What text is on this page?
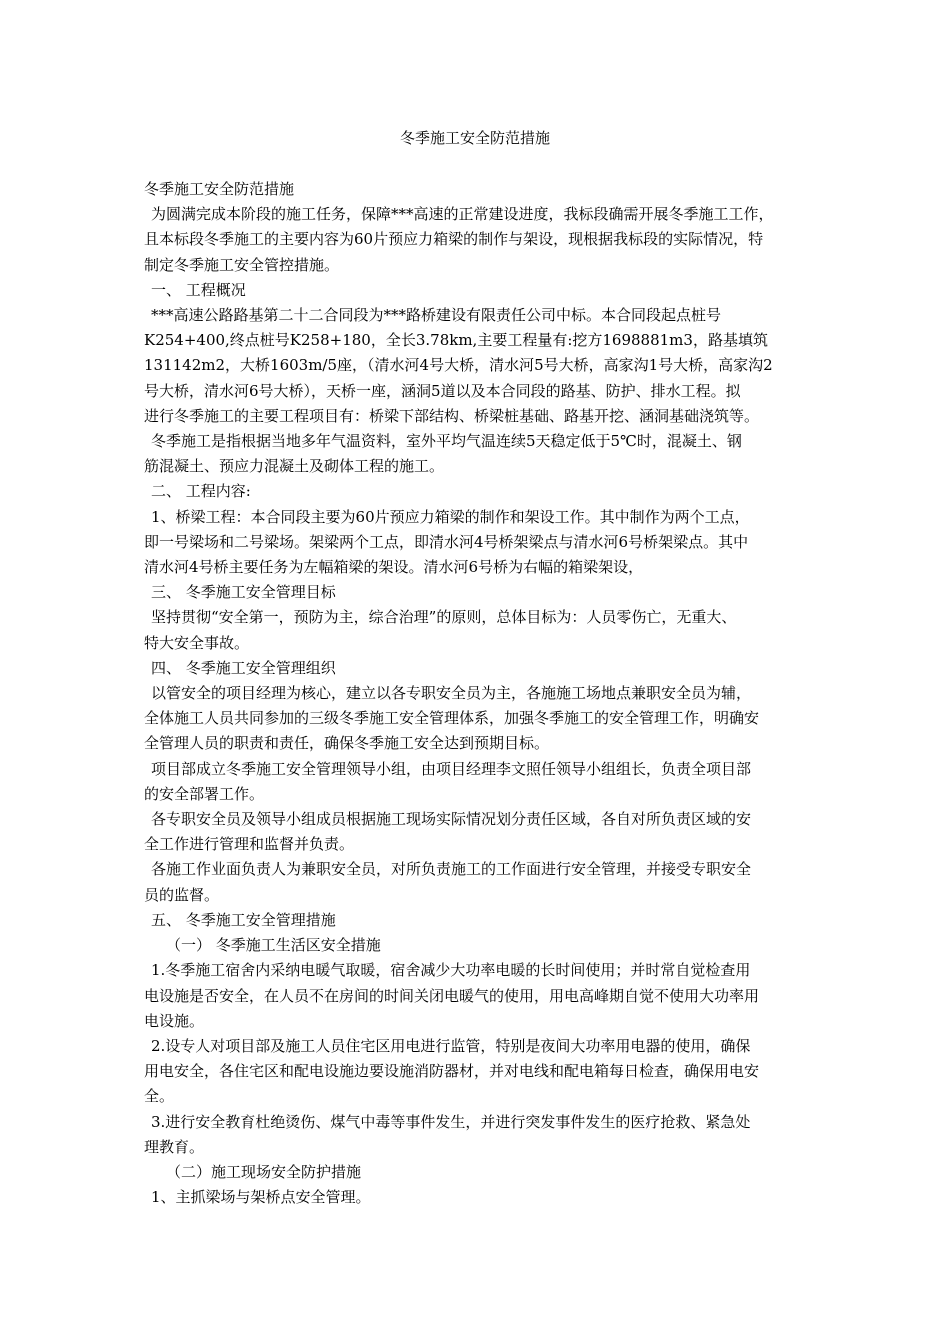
冬季施工安全防范措施

冬季施工安全防范措施

为圆满完成本阶段的施工任务，保障***高速的正常建设进度，我标段确需开展冬季施工工作，

且本标段冬季施工的主要内容为60片预应力箱梁的制作与架设，现根据我标段的实际情况，特

制定冬季施工安全管控措施。

一、 工程概况

***高速公路路基第二十二合同段为***路桥建设有限责任公司中标。本合同段起点桩号

K254+400,终点桩号K258+180，全长3.78km,主要工程量有:挖方1698881m3，路基填筑

131142m2，大桥1603m/5座，（清水河4号大桥，清水河5号大桥，高家沟1号大桥，高家沟2

号大桥，清水河6号大桥），天桥一座，涵洞5道以及本合同段的路基、防护、排水工程。拟

进行冬季施工的主要工程项目有：桥梁下部结构、桥梁桩基础、路基开挖、涵洞基础浇筑等。

冬季施工是指根据当地多年气温资料，室外平均气温连续5天稳定低于5℃时，混凝土、钢

筋混凝土、预应力混凝土及砌体工程的施工。

二、 工程内容:

1、桥梁工程：本合同段主要为60片预应力箱梁的制作和架设工作。其中制作为两个工点，

即一号梁场和二号梁场。架梁两个工点，即清水河4号桥架梁点与清水河6号桥架梁点。其中

清水河4号桥主要任务为左幅箱梁的架设。清水河6号桥为右幅的箱梁架设，

三、 冬季施工安全管理目标

坚持贯彻“安全第一，预防为主，综合治理”的原则，总体目标为：人员零伤亡，无重大、

特大安全事故。

四、 冬季施工安全管理组织

以管安全的项目经理为核心，建立以各专职安全员为主，各施施工场地点兼职安全员为辅，

全体施工人员共同参加的三级冬季施工安全管理体系，加强冬季施工的安全管理工作，明确安

全管理人员的职责和责任，确保冬季施工安全达到预期目标。

项目部成立冬季施工安全管理领导小组，由项目经理李文照任领导小组组长，负责全项目部

的安全部署工作。

各专职安全员及领导小组成员根据施工现场实际情况划分责任区域，各自对所负责区域的安

全工作进行管理和监督并负责。

各施工作业面负责人为兼职安全员，对所负责施工的工作面进行安全管理，并接受专职安全

员的监督。

五、 冬季施工安全管理措施

（一） 冬季施工生活区安全措施

1.冬季施工宿舍内采纳电暖气取暖，宿舍减少大功率电暖的长时间使用；并时常自觉检查用

电设施是否安全，在人员不在房间的时间关闭电暖气的使用，用电高峰期自觉不使用大功率用

电设施。

2.设专人对项目部及施工人员住宅区用电进行监管，特别是夜间大功率用电器的使用，确保

用电安全，各住宅区和配电设施边要设施消防器材，并对电线和配电箱每日检查，确保用电安

全。

3.进行安全教育杜绝烫伤、煤气中毒等事件发生，并进行突发事件发生的医疗抢救、紧急处

理教育。

（二）施工现场安全防护措施

1、主抓梁场与架桥点安全管理。
